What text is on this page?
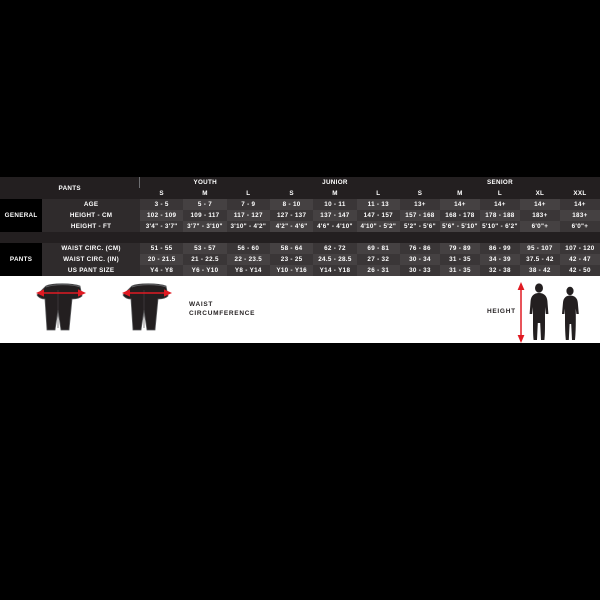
PANTS		YOUTH			JUNIOR			SENIOR				
		S	M	L	S	M	L	S	M	L	XL	XXL
GENERAL	AGE	3 - 5	5 - 7	7 - 9	8 - 10	10 - 11	11 - 13	13+	14+	14+	14+	14+
	HEIGHT - CM	102 - 109	109 - 117	117 - 127	127 - 137	137 - 147	147 - 157	157 - 168	168 - 178	178 - 188	183+	183+
	HEIGHT - FT	3'4" - 3'7"	3'7" - 3'10"	3'10" - 4'2"	4'2" - 4'6"	4'6" - 4'10"	4'10" - 5'2"	5'2" - 5'6"	5'6" - 5'10"	5'10" - 6'2"	6'0"+	6'0"+

PANTS	WAIST CIRC. (CM)	51 - 55	53 - 57	56 - 60	58 - 64	62 - 72	69 - 81	76 - 86	79 - 89	86 - 99	95 - 107	107 - 120
	WAIST CIRC. (IN)	20 - 21.5	21 - 22.5	22 - 23.5	23 - 25	24.5 - 28.5	27 - 32	30 - 34	31 - 35	34 - 39	37.5 - 42	42 - 47
	US PANT SIZE	Y4 - Y8	Y6 - Y10	Y8 - Y14	Y10 - Y16	Y14 - Y18	26 - 31	30 - 33	31 - 35	32 - 38	38 - 42	42 - 50
WAIST
CIRCUMFERENCE	HEIGHT
